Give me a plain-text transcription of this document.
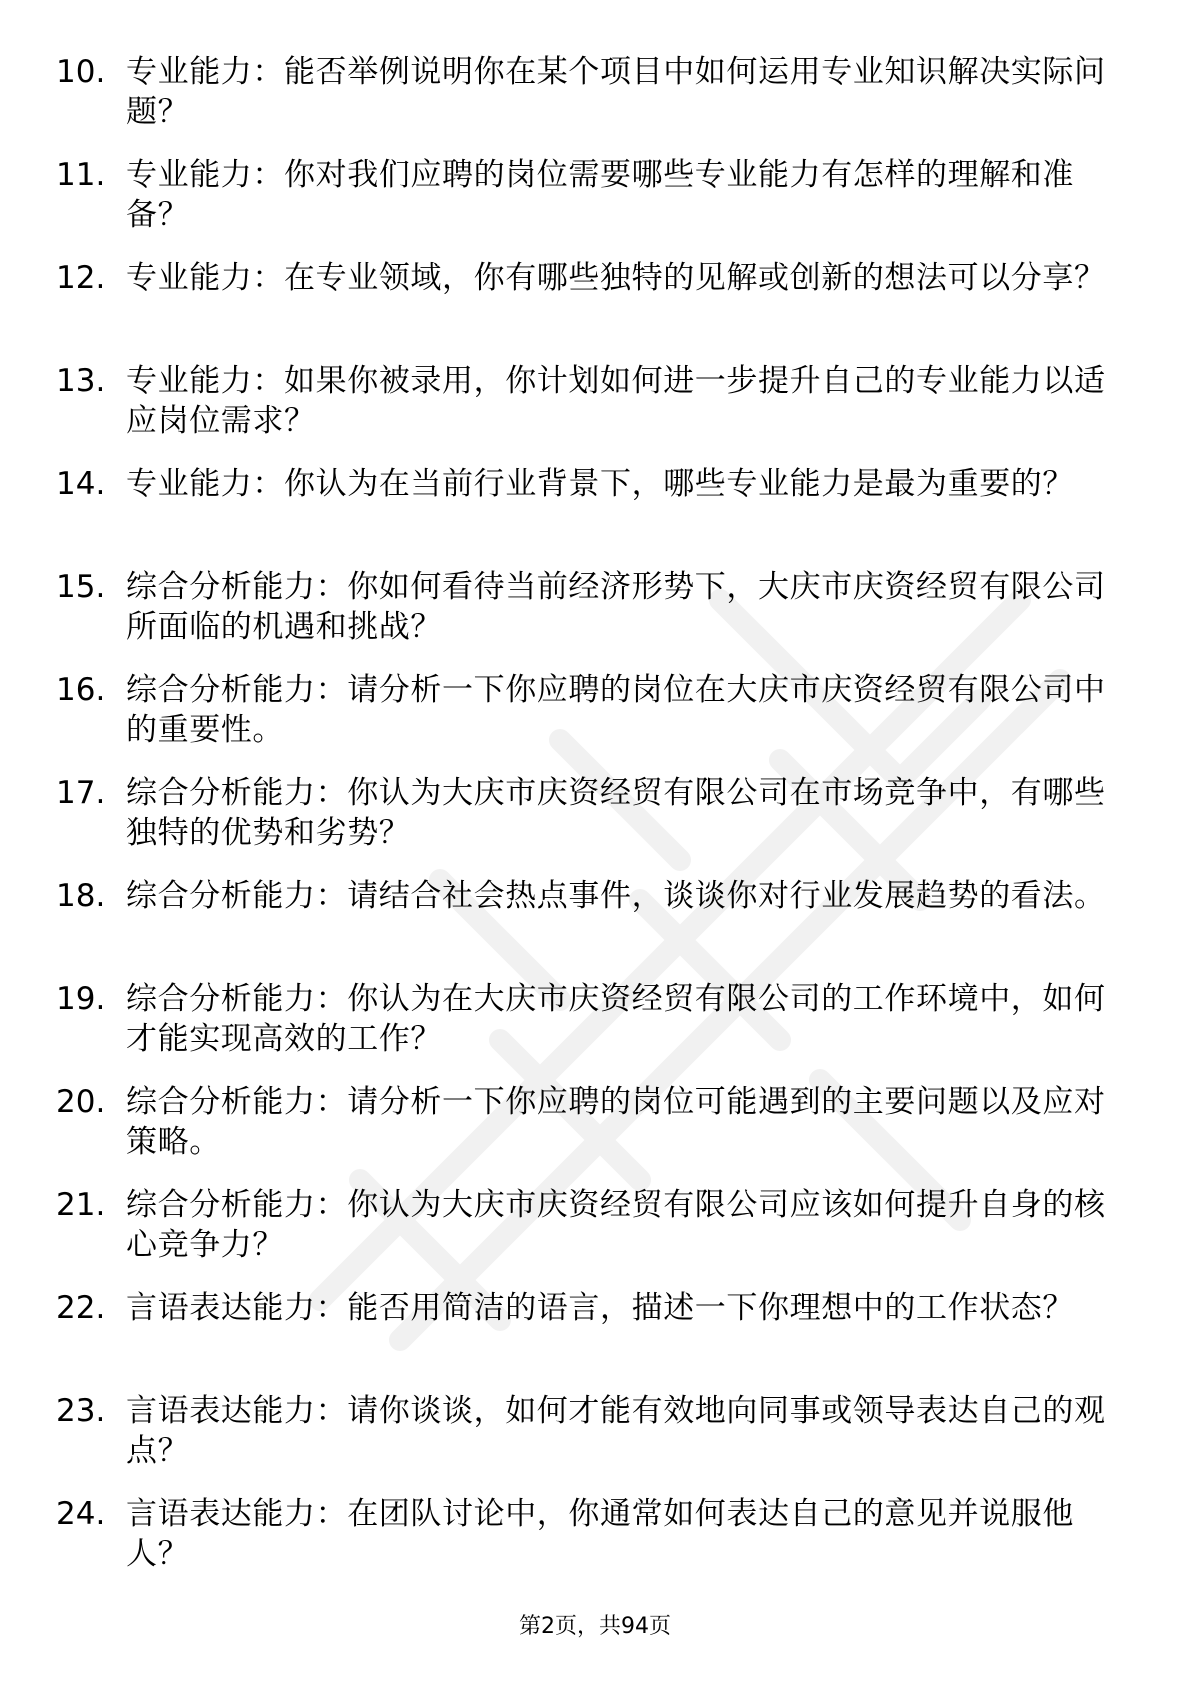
10. 专业能力：能否举例说明你在某个项目中如何运用专业知识解决实际问题？
11. 专业能力：你对我们应聘的岗位需要哪些专业能力有怎样的理解和准备？
12. 专业能力：在专业领域，你有哪些独特的见解或创新的想法可以分享？
13. 专业能力：如果你被录用，你计划如何进一步提升自己的专业能力以适应岗位需求？
14. 专业能力：你认为在当前行业背景下，哪些专业能力是最为重要的？
15. 综合分析能力：你如何看待当前经济形势下，大庆市庆资经贸有限公司所面临的机遇和挑战？
16. 综合分析能力：请分析一下你应聘的岗位在大庆市庆资经贸有限公司中的重要性。
17. 综合分析能力：你认为大庆市庆资经贸有限公司在市场竞争中，有哪些独特的优势和劣势？
18. 综合分析能力：请结合社会热点事件，谈谈你对行业发展趋势的看法。
19. 综合分析能力：你认为在大庆市庆资经贸有限公司的工作环境中，如何才能实现高效的工作？
20. 综合分析能力：请分析一下你应聘的岗位可能遇到的主要问题以及应对策略。
21. 综合分析能力：你认为大庆市庆资经贸有限公司应该如何提升自身的核心竞争力？
22. 言语表达能力：能否用简洁的语言，描述一下你理想中的工作状态？
23. 言语表达能力：请你谈谈，如何才能有效地向同事或领导表达自己的观点？
24. 言语表达能力：在团队讨论中，你通常如何表达自己的意见并说服他人？
第2页，共94页
